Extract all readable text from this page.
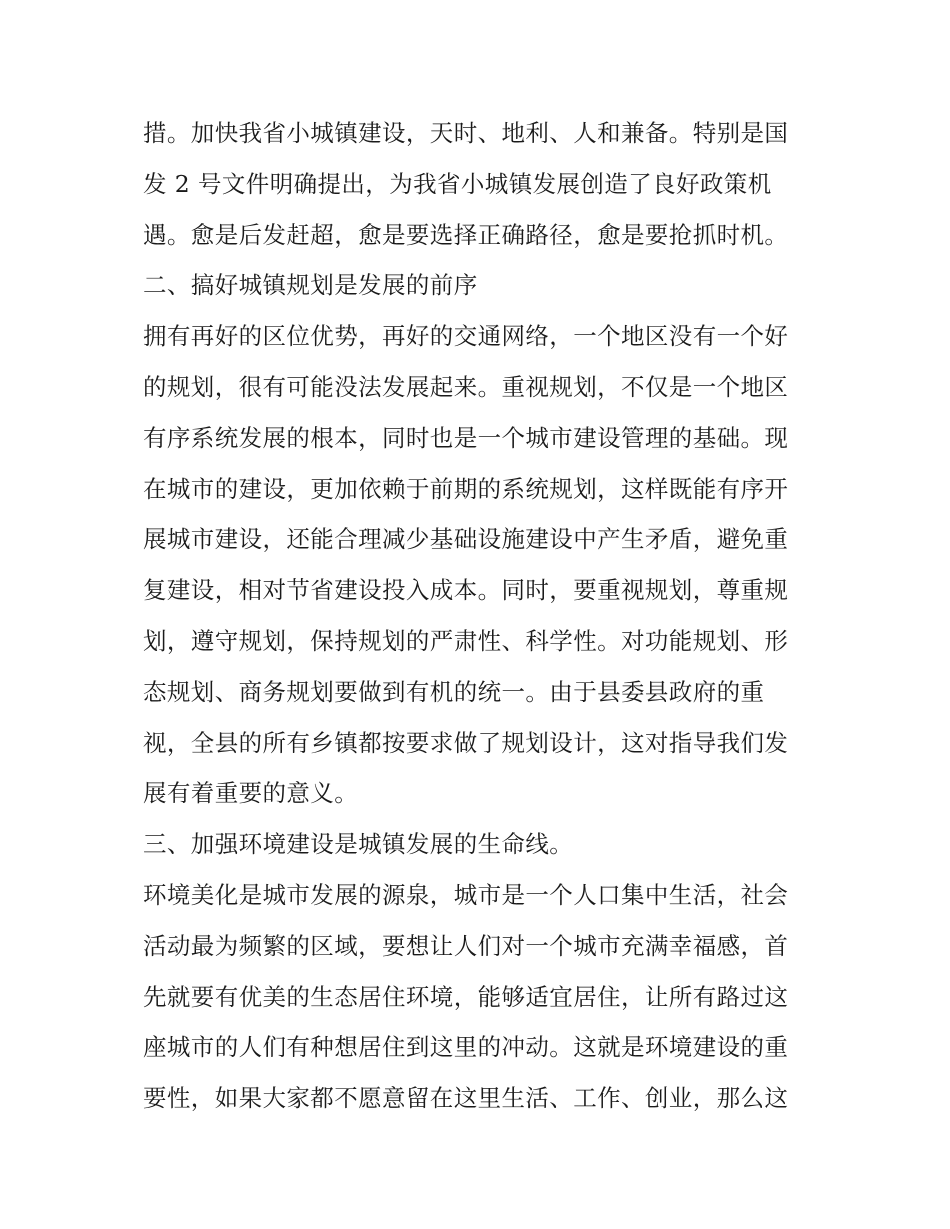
措。加快我省小城镇建设，天时、地利、人和兼备。特别是国
发 2 号文件明确提出，为我省小城镇发展创造了良好政策机
遇。愈是后发赶超，愈是要选择正确路径，愈是要抢抓时机。
二、搞好城镇规划是发展的前序
拥有再好的区位优势，再好的交通网络，一个地区没有一个好
的规划，很有可能没法发展起来。重视规划，不仅是一个地区
有序系统发展的根本，同时也是一个城市建设管理的基础。现
在城市的建设，更加依赖于前期的系统规划，这样既能有序开
展城市建设，还能合理减少基础设施建设中产生矛盾，避免重
复建设，相对节省建设投入成本。同时，要重视规划，尊重规
划，遵守规划，保持规划的严肃性、科学性。对功能规划、形
态规划、商务规划要做到有机的统一。由于县委县政府的重
视，全县的所有乡镇都按要求做了规划设计，这对指导我们发
展有着重要的意义。
三、加强环境建设是城镇发展的生命线。
环境美化是城市发展的源泉，城市是一个人口集中生活，社会
活动最为频繁的区域，要想让人们对一个城市充满幸福感，首
先就要有优美的生态居住环境，能够适宜居住，让所有路过这
座城市的人们有种想居住到这里的冲动。这就是环境建设的重
要性，如果大家都不愿意留在这里生活、工作、创业，那么这
